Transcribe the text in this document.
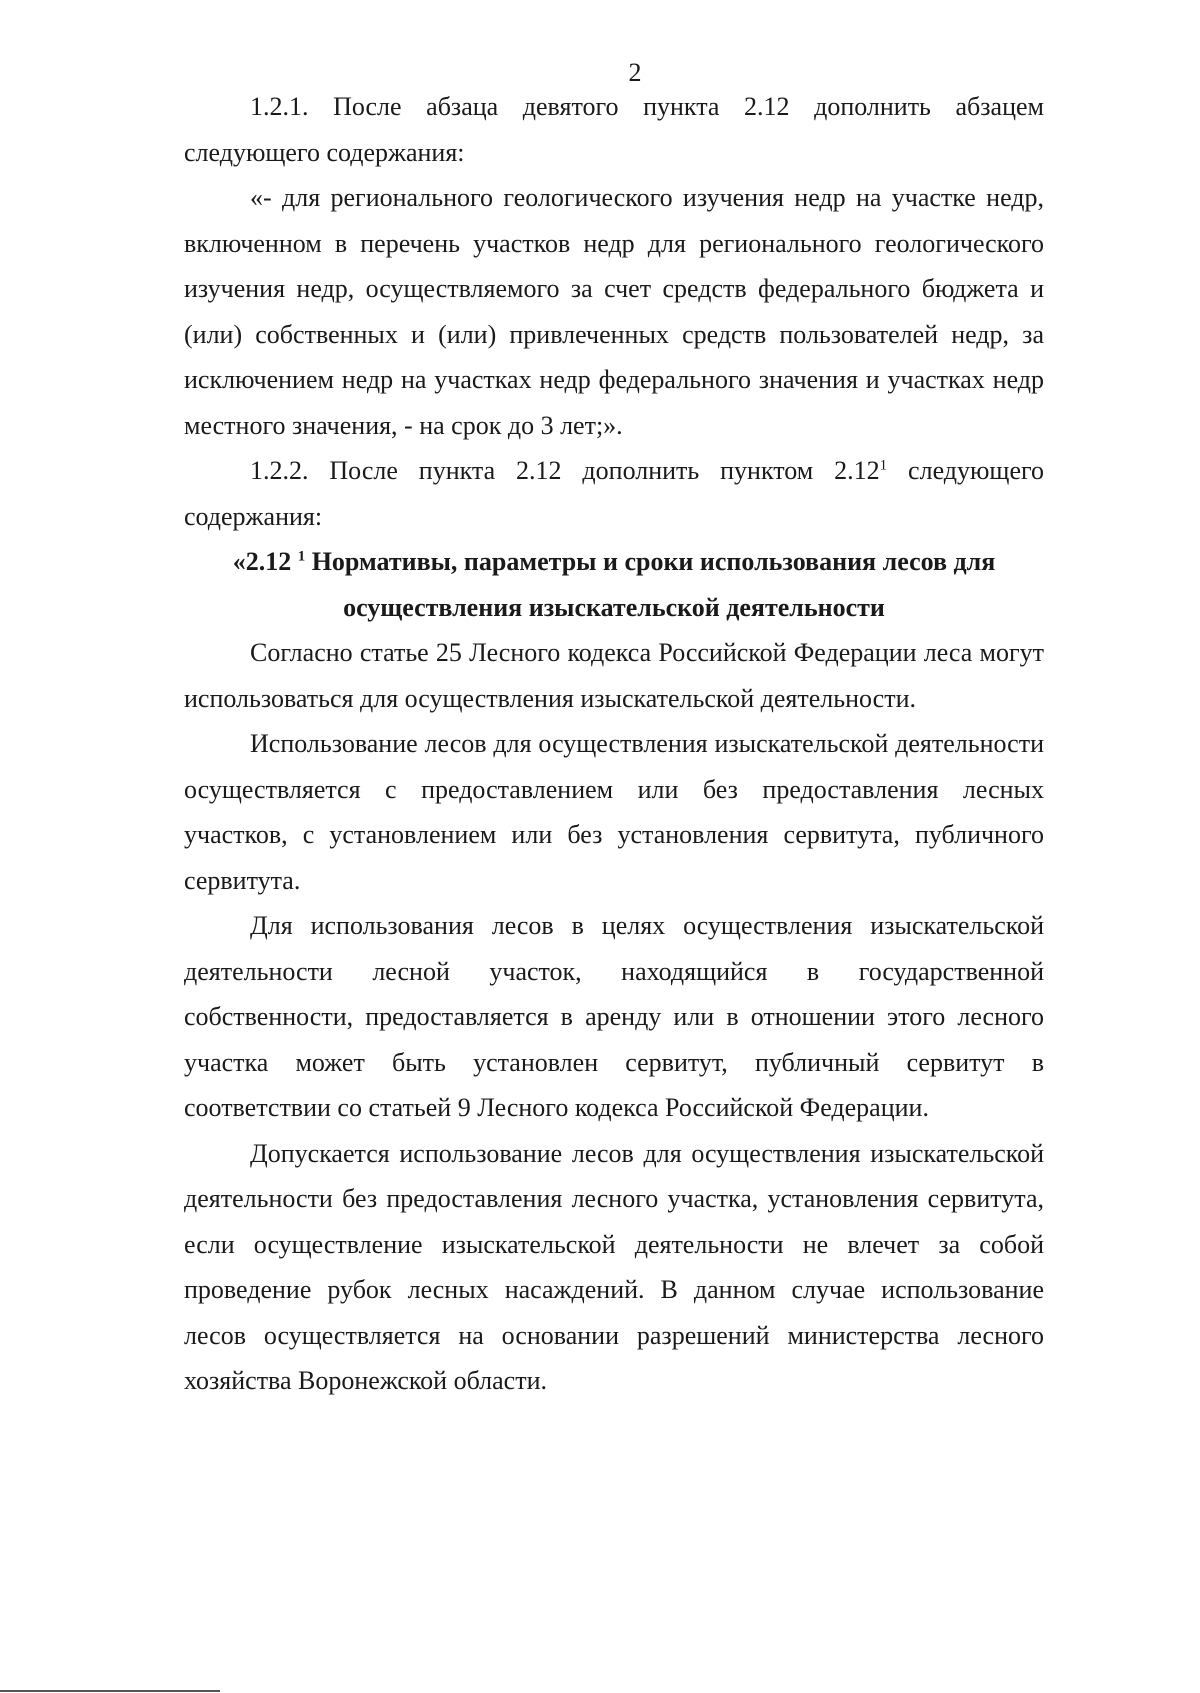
2

1.2.1. После абзаца девятого пункта 2.12 дополнить абзацем

следующего содержания:

«- для регионального геологического изучения недр на участке недр, включенном в перечень участков недр для регионального геологического изучения недр, осуществляемого за счет средств федерального бюджета и (или) собственных и (или) привлеченных средств пользователей недр, за исключением недр на участках недр федерального значения и участках недр местного значения, - на срок до 3 лет;».

1.2.2. После пункта 2.12 дополнить пунктом 2.12$^1$ следующего содержания:

«2.12 $^1$ Нормативы, параметры и сроки использования лесов для
осуществления изыскательской деятельности

Согласно статье 25 Лесного кодекса Российской Федерации леса могут использоваться для осуществления изыскательской деятельности.

Использование лесов для осуществления изыскательской деятельности осуществляется с предоставлением или без предоставления лесных участков, с установлением или без установления сервитута, публичного сервитута.

Для использования лесов в целях осуществления изыскательской деятельности лесной участок, находящийся в государственной собственности, предоставляется в аренду или в отношении этого лесного участка может быть установлен сервитут, публичный сервитут в соответствии со статьей 9 Лесного кодекса Российской Федерации.

Допускается использование лесов для осуществления изыскательской деятельности без предоставления лесного участка, установления сервитута, если осуществление изыскательской деятельности не влечет за собой проведение рубок лесных насаждений. В данном случае использование лесов осуществляется на основании разрешений министерства лесного хозяйства Воронежской области.
